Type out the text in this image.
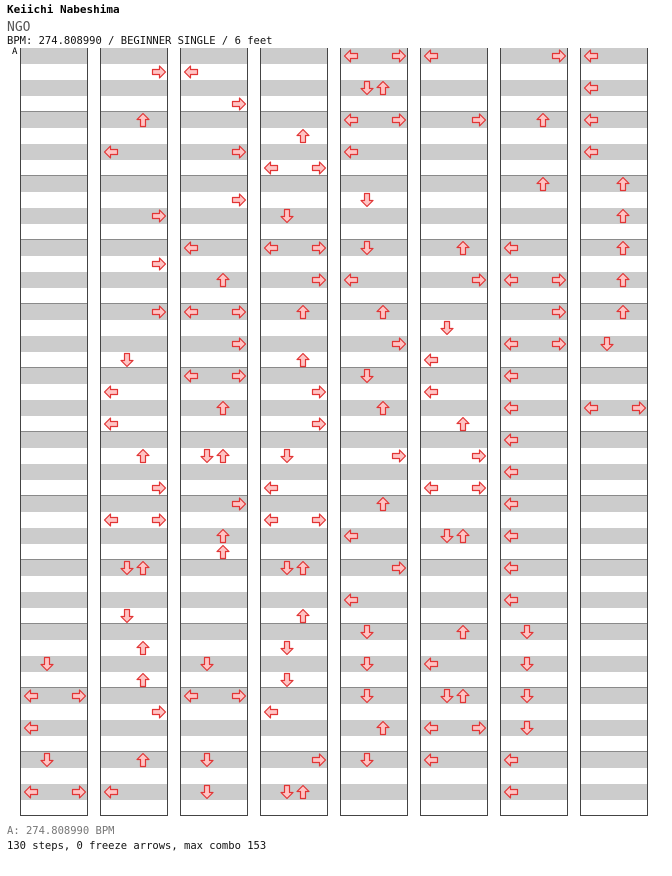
Keiichi Nabeshima
NGO
BPM: 274.808990 / BEGINNER SINGLE / 6 feet
A
A: 274.808990 BPM
130 steps, 0 freeze arrows, max combo 153
